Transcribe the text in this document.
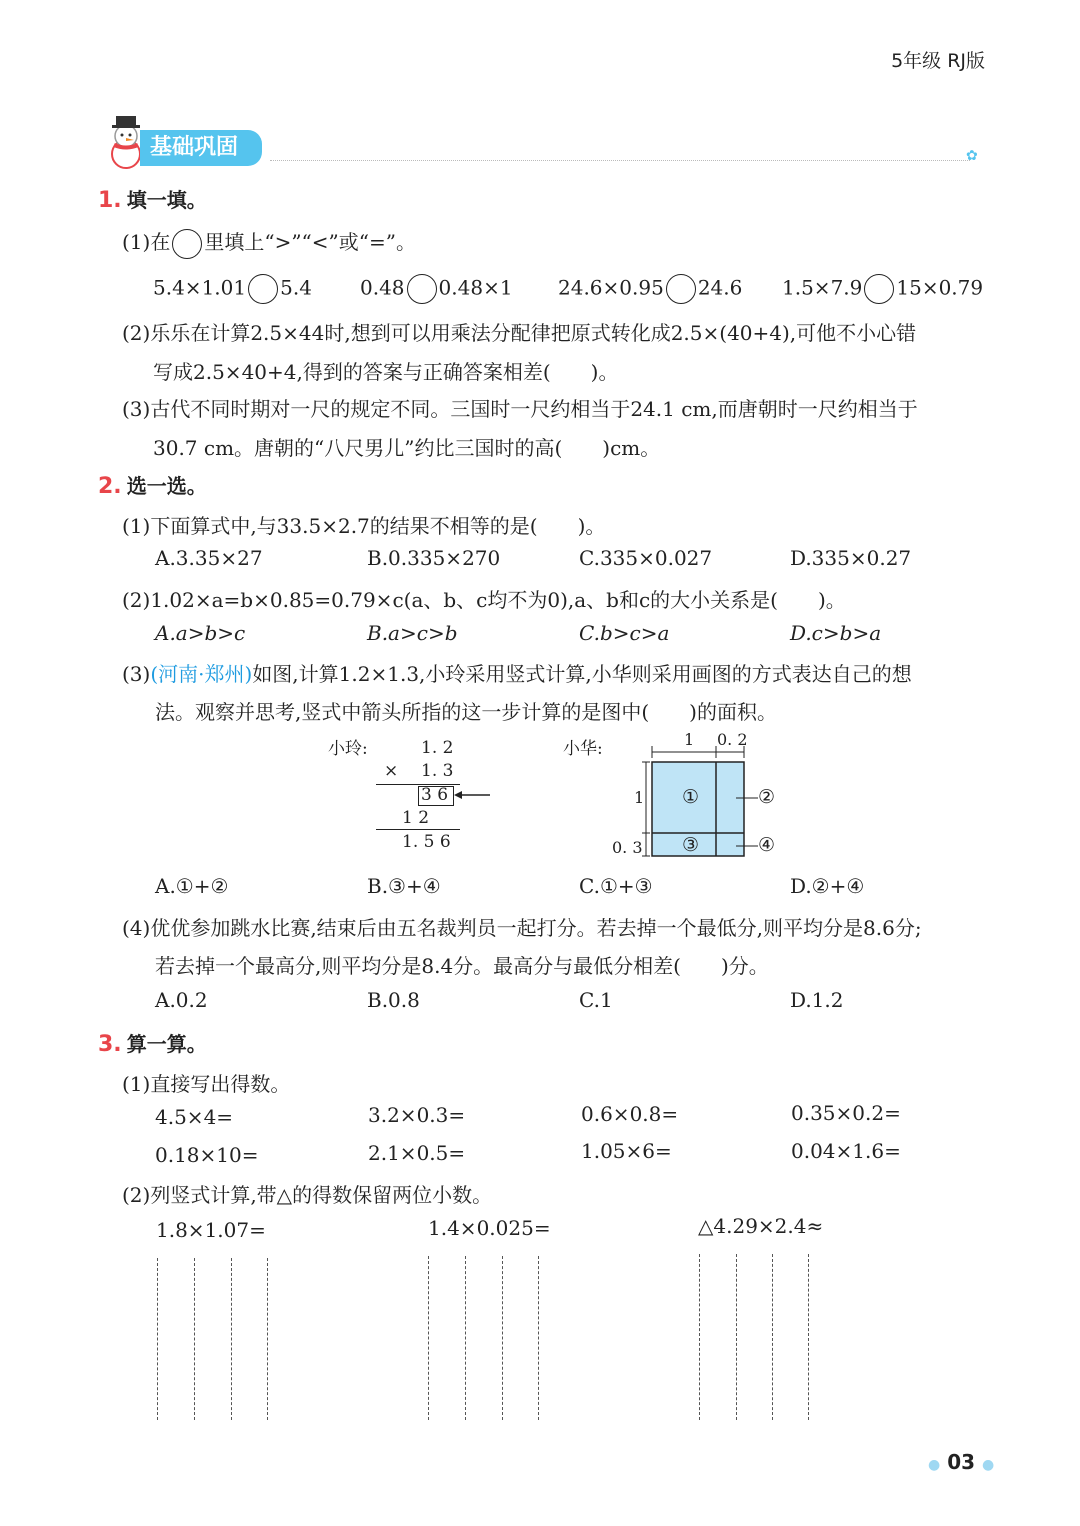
5年级 RJ版
基础巩固	✿
1. 填一填。
(1)在 里填上“>”“<”或“=”。
5.4×1.01 5.4 0.48 0.48×1 24.6×0.95 24.6 1.5×7.9 15×0.79
(2)乐乐在计算2.5×44时,想到可以用乘法分配律把原式转化成2.5×(40+4),可他不小心错
写成2.5×40+4,得到的答案与正确答案相差(　　)。
(3)古代不同时期对一尺的规定不同。三国时一尺约相当于24.1 cm,而唐朝时一尺约相当于
30.7 cm。唐朝的“八尺男儿”约比三国时的高(　　)cm。
2. 选一选。
(1)下面算式中,与33.5×2.7的结果不相等的是(　　)。
A.3.35×27	B.0.335×270	C.335×0.027	D.335×0.27
(2)1.02×a=b×0.85=0.79×c(a、b、c均不为0),a、b和c的大小关系是(　　)。
A.a>b>c	B.a>c>b	C.b>c>a	D.c>b>a
(3)(河南·郑州)如图,计算1.2×1.3,小玲采用竖式计算,小华则采用画图的方式表达自己的想
法。观察并思考,竖式中箭头所指的这一步计算的是图中(　　)的面积。
小玲:	1. 2
× 1. 3
3 6
1 2
1. 5 6
小华:	1 0. 2
1
0. 3
①	②
③	④
A.①+②	B.③+④	C.①+③	D.②+④
(4)优优参加跳水比赛,结束后由五名裁判员一起打分。若去掉一个最低分,则平均分是8.6分;
若去掉一个最高分,则平均分是8.4分。最高分与最低分相差(　　)分。
A.0.2	B.0.8	C.1	D.1.2
3. 算一算。
(1)直接写出得数。
4.5×4=	3.2×0.3=	0.6×0.8=	0.35×0.2=
0.18×10=	2.1×0.5=	1.05×6=	0.04×1.6=
(2)列竖式计算,带△的得数保留两位小数。
1.8×1.07=	1.4×0.025=	△4.29×2.4≈
● 03 ●
